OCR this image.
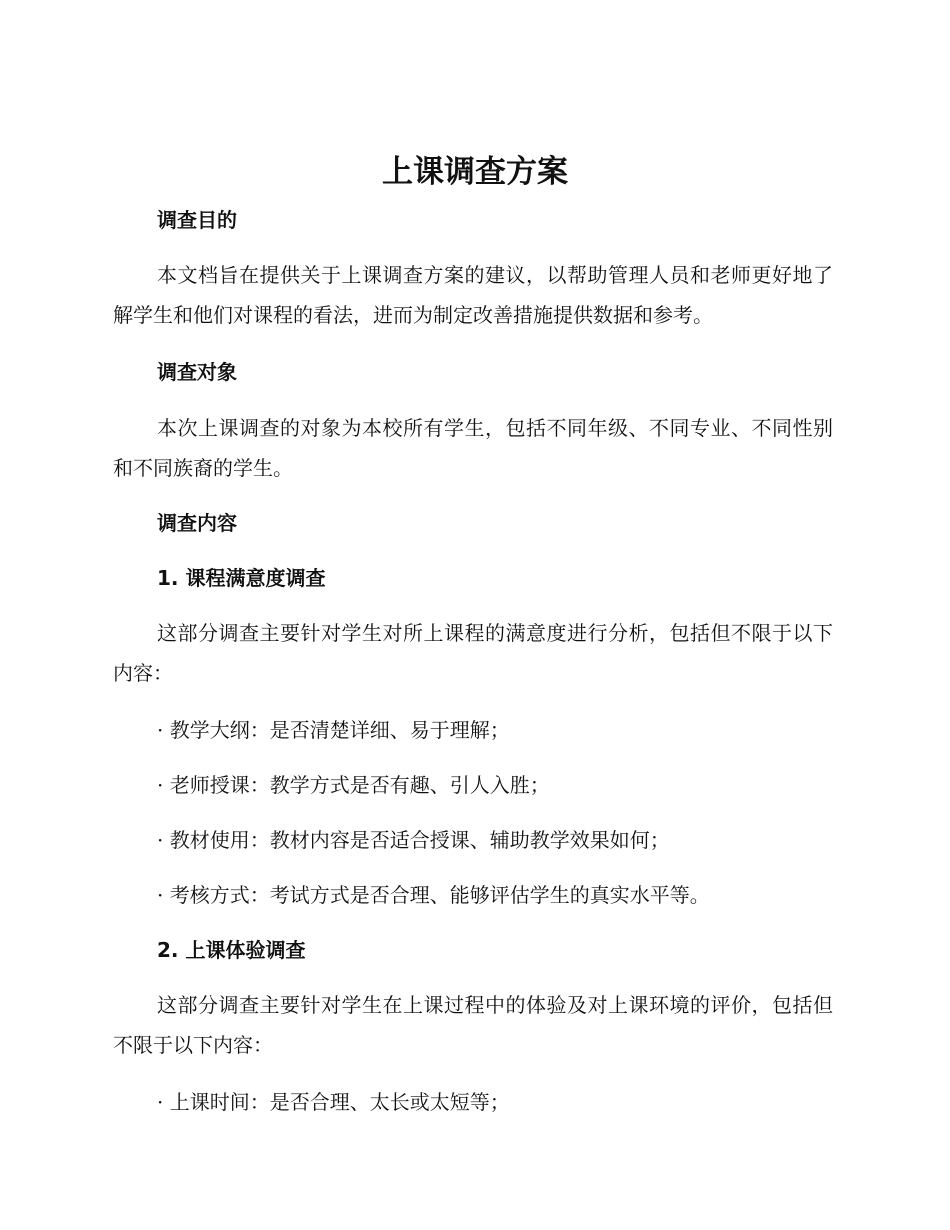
上课调查方案
调查目的

本文档旨在提供关于上课调查方案的建议，以帮助管理人员和老师更好地了解学生和他们对课程的看法，进而为制定改善措施提供数据和参考。

调查对象

本次上课调查的对象为本校所有学生，包括不同年级、不同专业、不同性别和不同族裔的学生。

调查内容
1. 课程满意度调查

这部分调查主要针对学生对所上课程的满意度进行分析，包括但不限于以下内容：

· 教学大纲：是否清楚详细、易于理解；
· 老师授课：教学方式是否有趣、引人入胜；
· 教材使用：教材内容是否适合授课、辅助教学效果如何；
· 考核方式：考试方式是否合理、能够评估学生的真实水平等。
2. 上课体验调查

这部分调查主要针对学生在上课过程中的体验及对上课环境的评价，包括但不限于以下内容：

· 上课时间：是否合理、太长或太短等；
